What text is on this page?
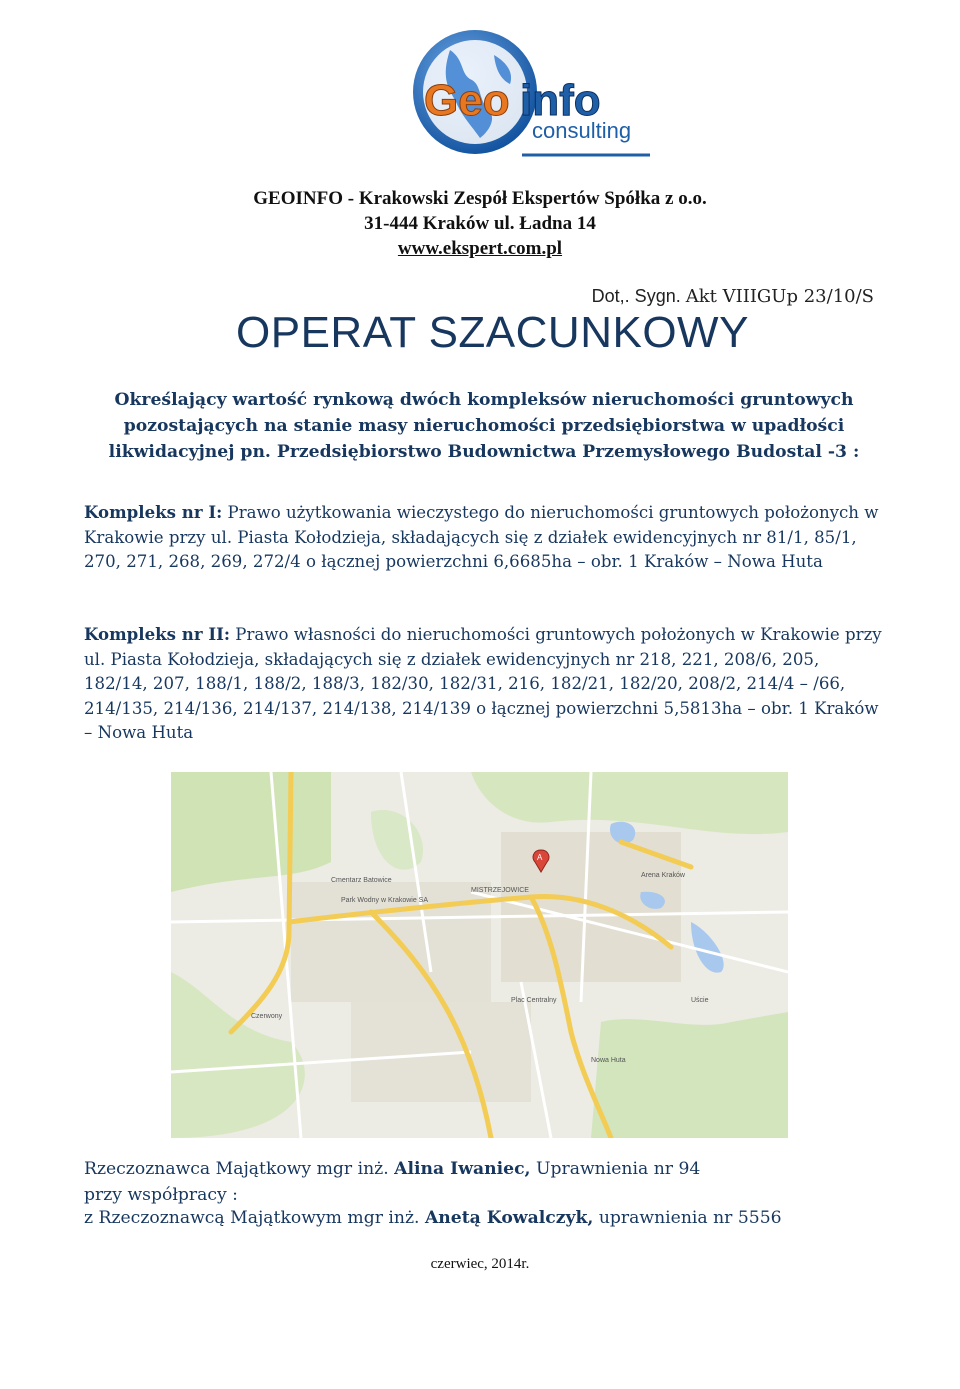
Geo info
consulting
GEOINFO - Krakowski Zespół Ekspertów Spółka z o.o.
31-444 Kraków ul. Ładna 14
www.ekspert.com.pl
Dot,. Sygn. Akt VIIIGUp 23/10/S
OPERAT SZACUNKOWY
Określający wartość rynkową dwóch kompleksów nieruchomości gruntowych
pozostających na stanie masy nieruchomości przedsiębiorstwa w upadłości
likwidacyjnej pn. Przedsiębiorstwo Budownictwa Przemysłowego Budostal -3 :
Kompleks nr I: Prawo użytkowania wieczystego do nieruchomości gruntowych położonych w Krakowie przy ul. Piasta Kołodzieja, składających się z działek ewidencyjnych nr 81/1, 85/1, 270, 271, 268, 269, 272/4 o łącznej powierzchni 6,6685ha – obr. 1 Kraków – Nowa Huta
Kompleks nr II: Prawo własności do nieruchomości gruntowych położonych w Krakowie przy ul. Piasta Kołodzieja, składających się z działek ewidencyjnych nr 218, 221, 208/6, 205, 182/14, 207, 188/1, 188/2, 188/3, 182/30, 182/31, 216, 182/21, 182/20, 208/2, 214/4 – /66, 214/135, 214/136, 214/137, 214/138, 214/139 o łącznej powierzchni 5,5813ha – obr. 1 Kraków – Nowa Huta
A
MISTRZEJOWICE
Park Wodny w Krakowie SA
Plac Centralny
Arena Kraków
Cmentarz Batowice
Czerwony
Uście
Nowa Huta
Rzeczoznawca Majątkowy mgr inż. Alina Iwaniec, Uprawnienia nr 94
przy współpracy :
z Rzeczoznawcą Majątkowym mgr inż. Anetą Kowalczyk, uprawnienia nr 5556
czerwiec, 2014r.
